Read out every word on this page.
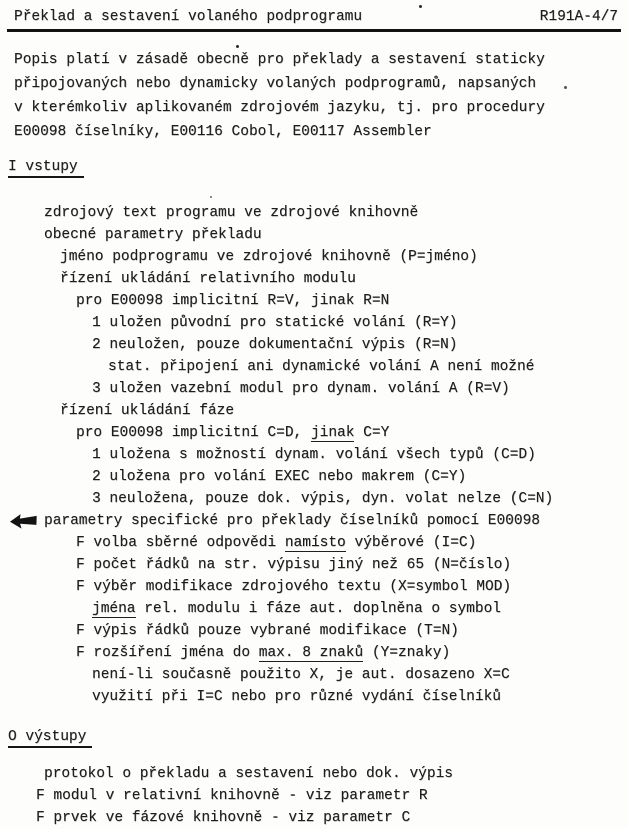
Překlad a sestavení volaného podprogramu	R191A-4/7
Popis platí v zásadě obecně pro překlady a sestavení staticky
připojovaných nebo dynamicky volaných podprogramů, napsaných
v kterémkoliv aplikovaném zdrojovém jazyku, tj. pro procedury
E00098 číselníky, E00116 Cobol, E00117 Assembler
I vstupy
zdrojový text programu ve zdrojové knihovně
obecné parametry překladu
jméno podprogramu ve zdrojové knihovně (P=jméno)
řízení ukládání relativního modulu
pro E00098 implicitní R=V, jinak R=N
1 uložen původní pro statické volání (R=Y)
2 neuložen, pouze dokumentační výpis (R=N)
stat. připojení ani dynamické volání A není možné
3 uložen vazební modul pro dynam. volání A (R=V)
řízení ukládání fáze
pro E00098 implicitní C=D, jinak C=Y
1 uložena s možností dynam. volání všech typů (C=D)
2 uložena pro volání EXEC nebo makrem (C=Y)
3 neuložena, pouze dok. výpis, dyn. volat nelze (C=N)
parametry specifické pro překlady číselníků pomocí E00098
F volba sběrné odpovědi namísto výběrové (I=C)
F počet řádků na str. výpisu jiný než 65 (N=číslo)
F výběr modifikace zdrojového textu (X=symbol MOD)
jména rel. modulu i fáze aut. doplněna o symbol
F výpis řádků pouze vybrané modifikace (T=N)
F rozšíření jména do max. 8 znaků (Y=znaky)
není-li současně použito X, je aut. dosazeno X=C
využití při I=C nebo pro různé vydání číselníků
O výstupy
protokol o překladu a sestavení nebo dok. výpis
F modul v relativní knihovně - viz parametr R
F prvek ve fázové knihovně - viz parametr C
